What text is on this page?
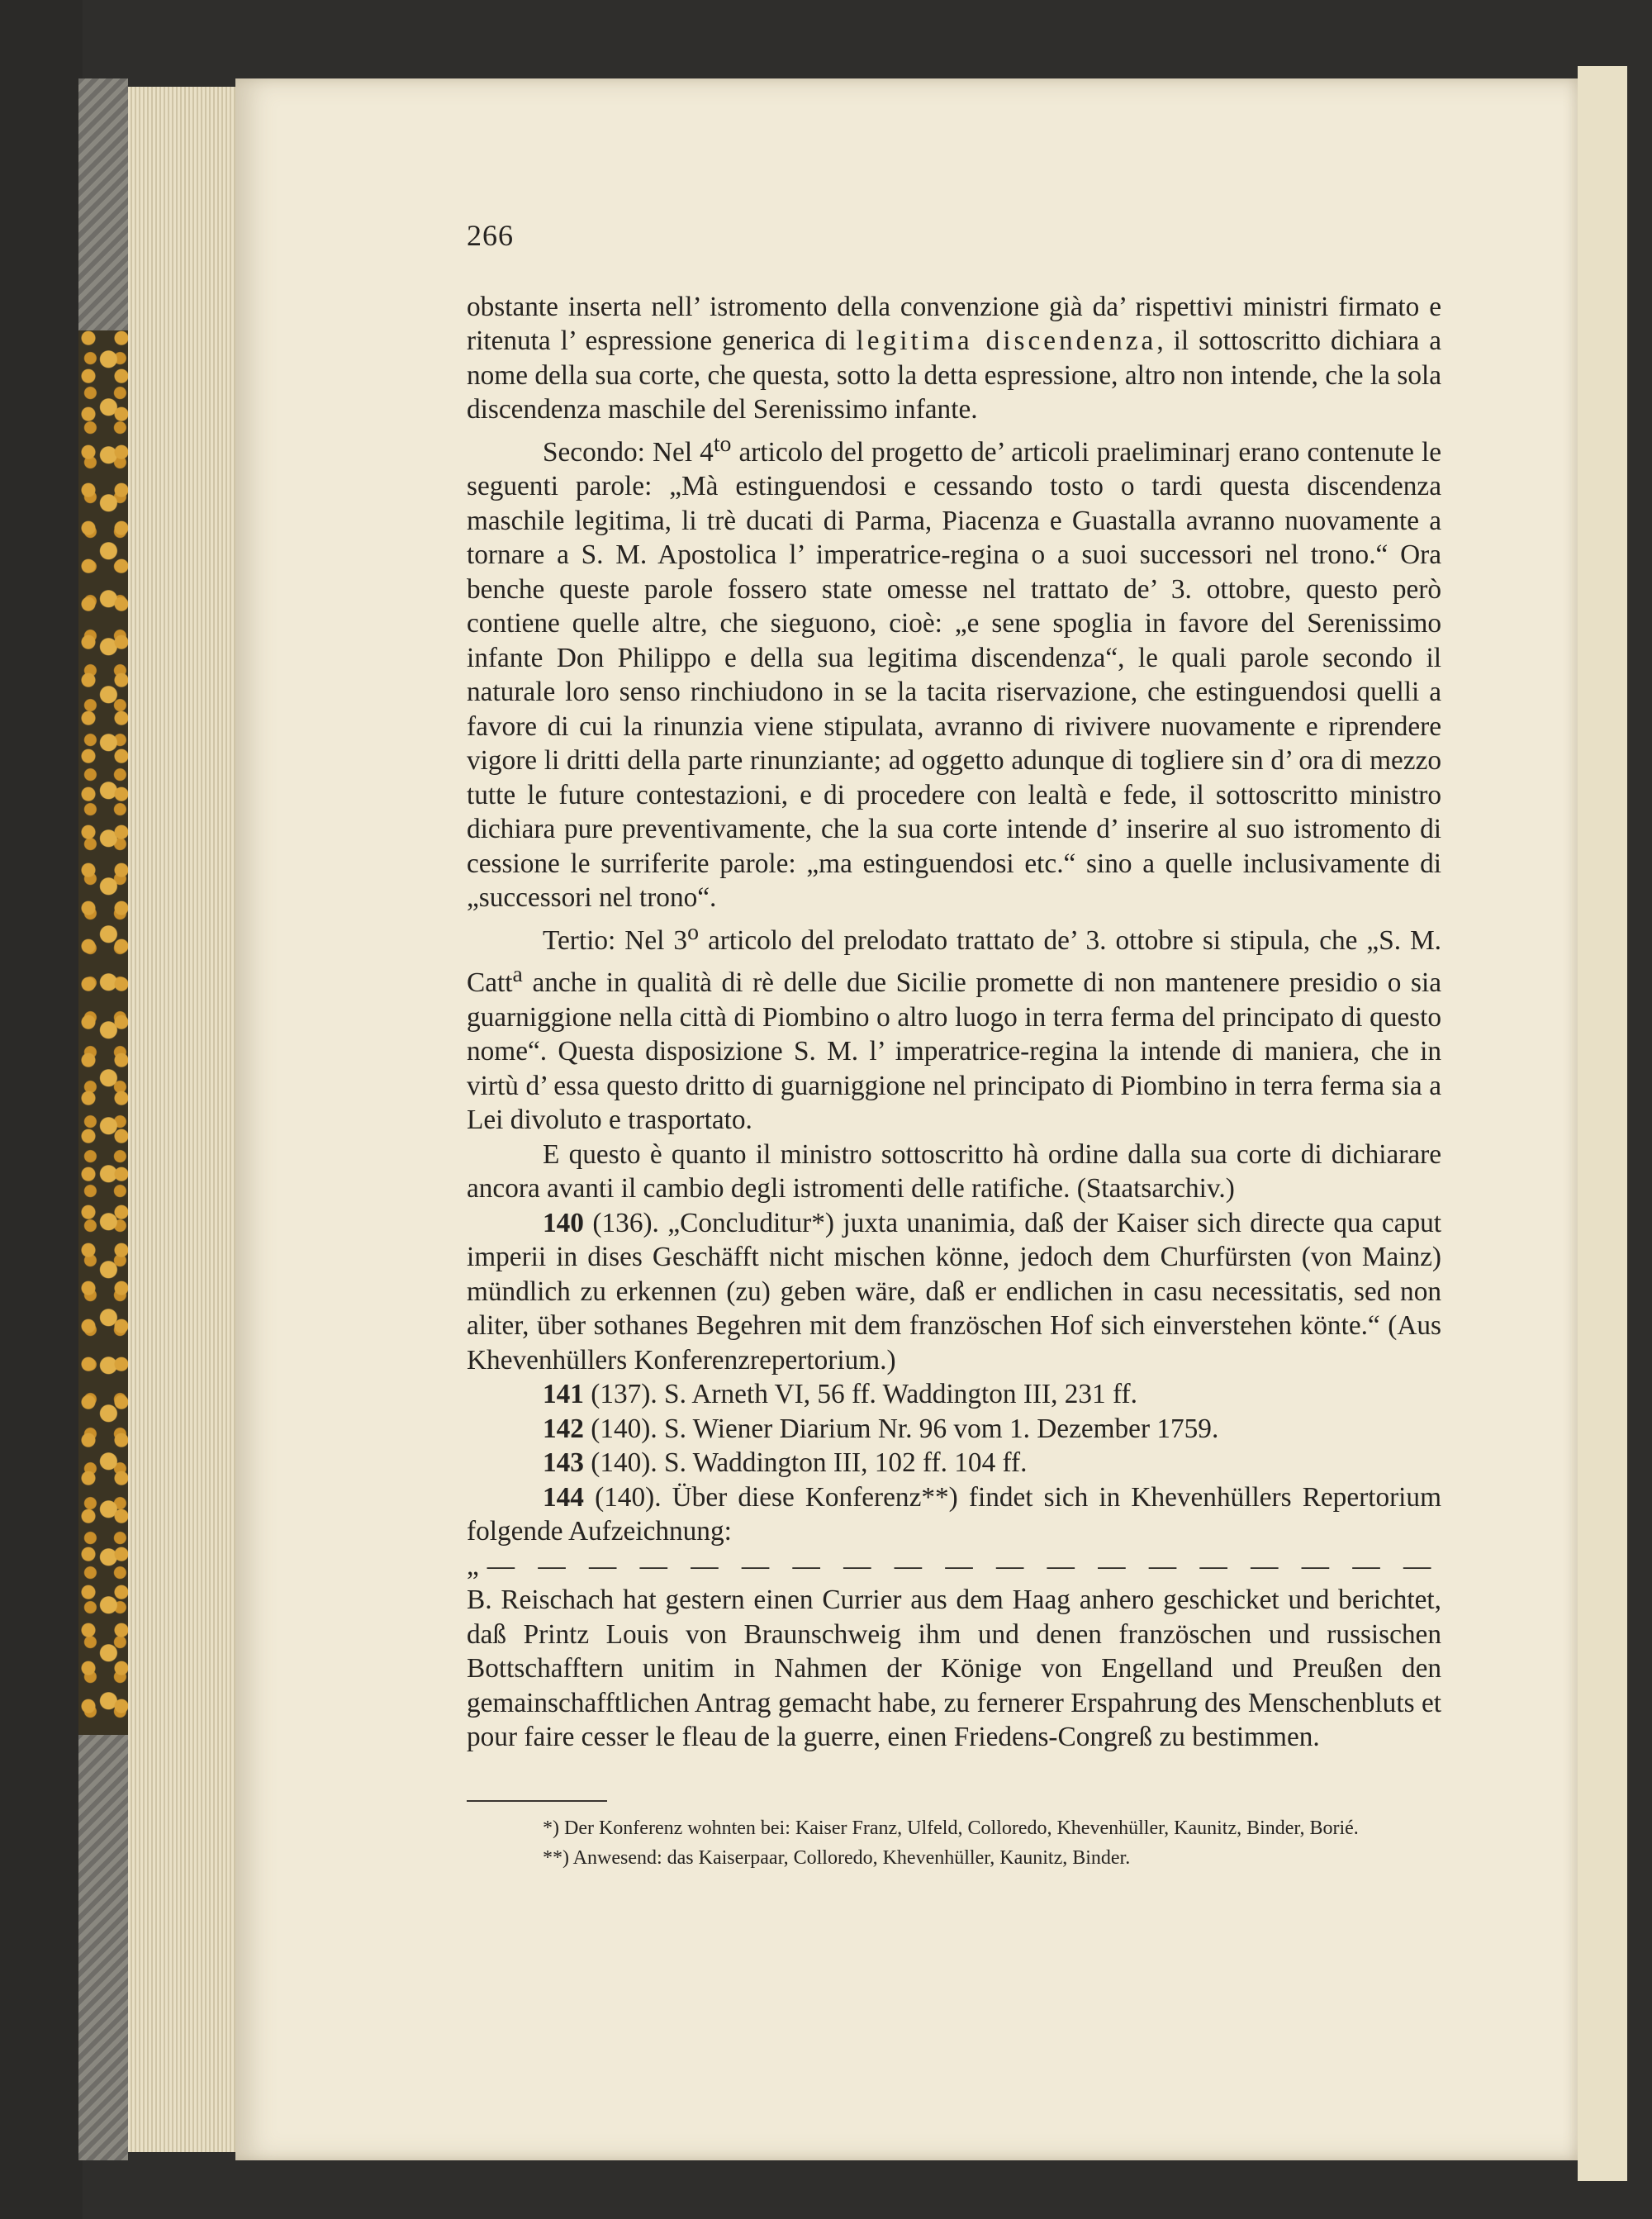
266

obstante inserta nell’ istromento della convenzione già da’ rispettivi ministri firmato e ritenuta l’ espressione generica di legitima discendenza, il sottoscritto dichiara a nome della sua corte, che questa, sotto la detta espressione, altro non intende, che la sola discendenza maschile del Serenissimo infante.

Secondo: Nel $4^{to}$ articolo del progetto de’ articoli praeliminarj erano contenute le seguenti parole: „Mà estinguendosi e cessando tosto o tardi questa discendenza maschile legitima, li trè ducati di Parma, Piacenza e Guastalla avranno nuovamente a tornare a S. M. Apostolica l’ imperatrice-regina o a suoi successori nel trono.“ Ora benche queste parole fossero state omesse nel trattato de’ 3. ottobre, questo però contiene quelle altre, che sieguono, cioè: „e sene spoglia in favore del Serenissimo infante Don Philippo e della sua legitima discendenza“, le quali parole secondo il naturale loro senso rinchiudono in se la tacita riservazione, che estinguendosi quelli a favore di cui la rinunzia viene stipulata, avranno di rivivere nuovamente e riprendere vigore li dritti della parte rinunziante; ad oggetto adunque di togliere sin d’ ora di mezzo tutte le future contestazioni, e di procedere con lealtà e fede, il sottoscritto ministro dichiara pure preventivamente, che la sua corte intende d’ inserire al suo istromento di cessione le surriferite parole: „ma estinguendosi etc.“ sino a quelle inclusivamente di „successori nel trono“.

Tertio: Nel 3$^o$ articolo del prelodato trattato de’ 3. ottobre si stipula, che „S. M. Catt$^a$ anche in qualità di rè delle due Sicilie promette di non mantenere presidio o sia guarniggione nella città di Piombino o altro luogo in terra ferma del principato di questo nome“. Questa disposizione S. M. l’ imperatrice-regina la intende di maniera, che in virtù d’ essa questo dritto di guarniggione nel principato di Piombino in terra ferma sia a Lei divoluto e trasportato.

E questo è quanto il ministro sottoscritto hà ordine dalla sua corte di dichiarare ancora avanti il cambio degli istromenti delle ratifiche. (Staatsarchiv.)

140 (136). „Concluditur*) juxta unanimia, daß der Kaiser sich directe qua caput imperii in dises Geschäfft nicht mischen könne, jedoch dem Churfürsten (von Mainz) mündlich zu erkennen (zu) geben wäre, daß er endlichen in casu necessitatis, sed non aliter, über sothanes Begehren mit dem französchen Hof sich einverstehen könte.“ (Aus Khevenhüllers Konferenzrepertorium.)

141 (137). S. Arneth VI, 56 ff. Waddington III, 231 ff.

142 (140). S. Wiener Diarium Nr. 96 vom 1. Dezember 1759.

143 (140). S. Waddington III, 102 ff. 104 ff.

144 (140). Über diese Konferenz**) findet sich in Khevenhüllers Repertorium folgende Aufzeichnung:

„— — — — — — — — — — — — — — — — — — —

B. Reischach hat gestern einen Currier aus dem Haag anhero geschicket und berichtet, daß Printz Louis von Braunschweig ihm und denen französchen und russischen Bottschafftern unitim in Nahmen der Könige von Engelland und Preußen den gemainschafftlichen Antrag gemacht habe, zu fernerer Erspahrung des Menschenbluts et pour faire cesser le fleau de la guerre, einen Friedens-Congreß zu bestimmen.

*) Der Konferenz wohnten bei: Kaiser Franz, Ulfeld, Colloredo, Khevenhüller, Kaunitz, Binder, Borié.

**) Anwesend: das Kaiserpaar, Colloredo, Khevenhüller, Kaunitz, Binder.
